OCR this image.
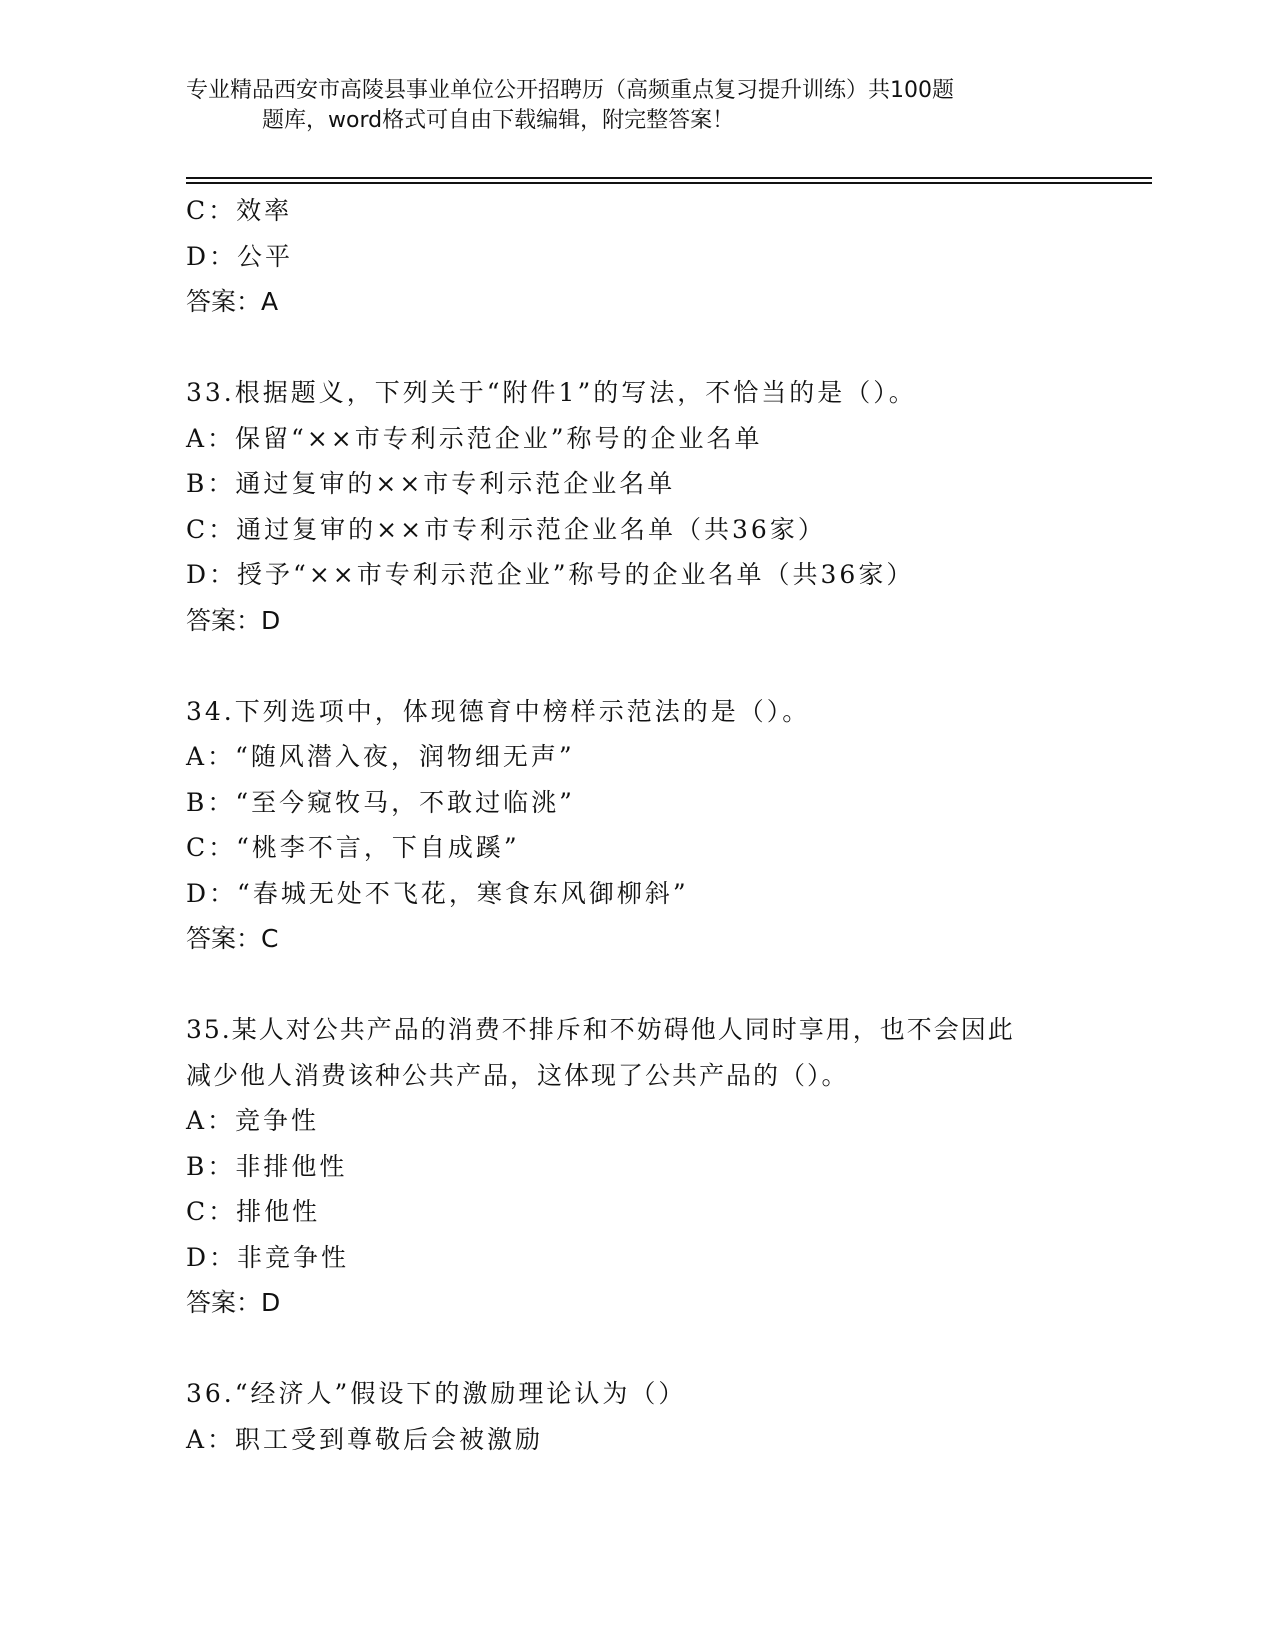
专业精品西安市高陵县事业单位公开招聘历（高频重点复习提升训练）共100题
题库，word格式可自由下载编辑，附完整答案！
C：效率
D：公平
答案：A
33.根据题义，下列关于“附件1”的写法，不恰当的是（）。
A：保留“××市专利示范企业”称号的企业名单
B：通过复审的××市专利示范企业名单
C：通过复审的××市专利示范企业名单（共36家）
D：授予“××市专利示范企业”称号的企业名单（共36家）
答案：D
34.下列选项中，体现德育中榜样示范法的是（）。
A：“随风潜入夜，润物细无声”
B：“至今窥牧马，不敢过临洮”
C：“桃李不言，下自成蹊”
D：“春城无处不飞花，寒食东风御柳斜”
答案：C
35.某人对公共产品的消费不排斥和不妨碍他人同时享用，也不会因此
减少他人消费该种公共产品，这体现了公共产品的（）。
A：竞争性
B：非排他性
C：排他性
D：非竞争性
答案：D
36.“经济人”假设下的激励理论认为（）
A：职工受到尊敬后会被激励
